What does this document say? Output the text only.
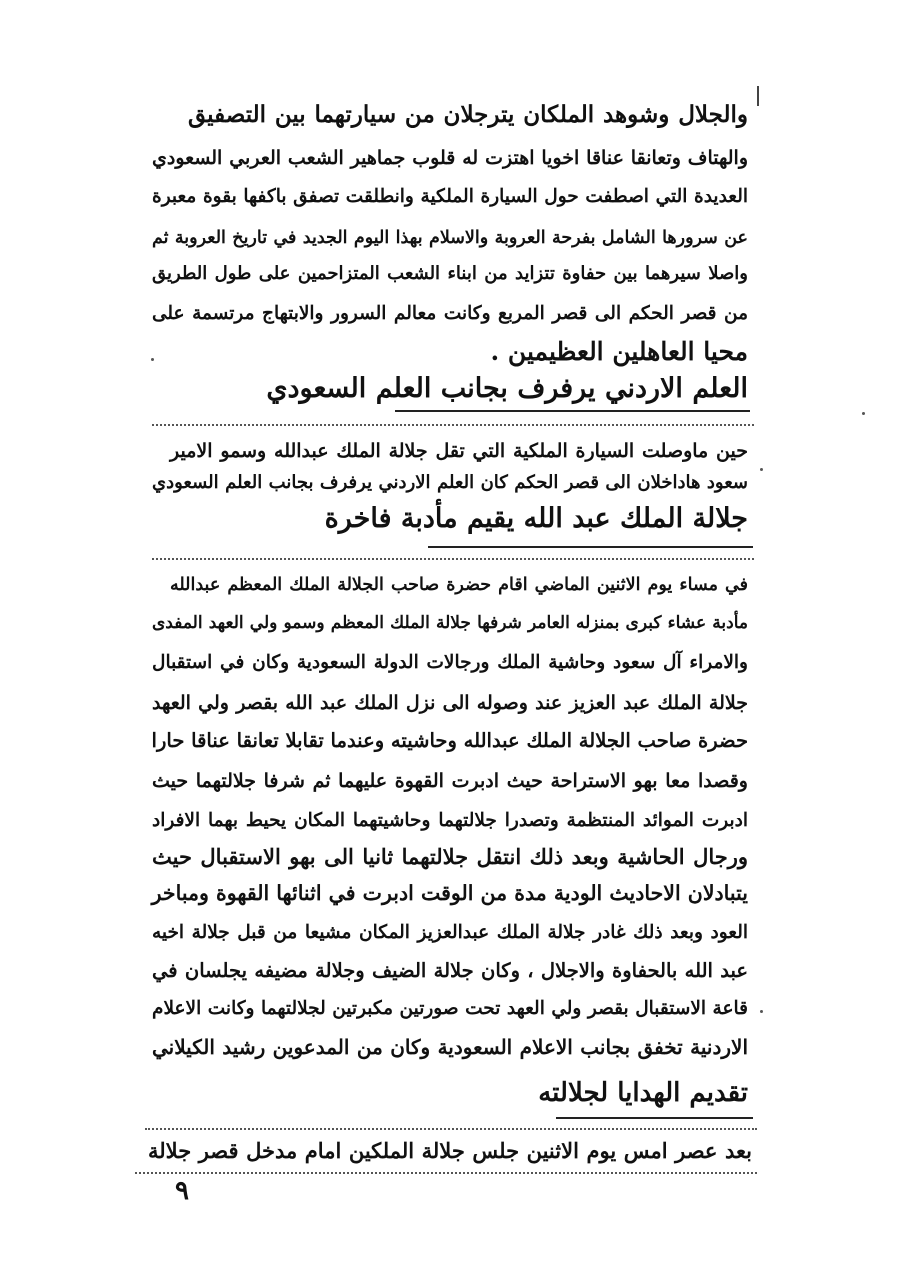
والجلال وشوهد الملكان يترجلان من سيارتهما بين التصفيق
والهتاف وتعانقا عناقا اخويا اهتزت له قلوب جماهير الشعب العربي السعودي
العديدة التي اصطفت حول السيارة الملكية وانطلقت تصفق باكفها بقوة معبرة
عن سرورها الشامل بفرحة العروبة والاسلام بهذا اليوم الجديد في تاريخ العروبة ثم
واصلا سيرهما بين حفاوة تتزايد من ابناء الشعب المتزاحمين على طول الطريق
من قصر الحكم الى قصر المربع وكانت معالم السرور والابتهاج مرتسمة على
محيا العاهلين العظيمين .
العلم الاردني يرفرف بجانب العلم السعودي
حين ماوصلت السيارة الملكية التي تقل جلالة الملك عبدالله وسمو الامير
سعود هاداخلان الى قصر الحكم كان العلم الاردني يرفرف بجانب العلم السعودي
جلالة الملك عبد الله يقيم مأدبة فاخرة
في مساء يوم الاثنين الماضي اقام حضرة صاحب الجلالة الملك المعظم عبدالله
مأدبة عشاء كبرى بمنزله العامر شرفها جلالة الملك المعظم وسمو ولي العهد المفدى
والامراء آل سعود وحاشية الملك ورجالات الدولة السعودية وكان في استقبال
جلالة الملك عبد العزيز عند وصوله الى نزل الملك عبد الله بقصر ولي العهد
حضرة صاحب الجلالة الملك عبدالله وحاشيته وعندما تقابلا تعانقا عناقا حارا
وقصدا معا بهو الاستراحة حيث ادبرت القهوة عليهما ثم شرفا جلالتهما حيث
ادبرت الموائد المنتظمة وتصدرا جلالتهما وحاشيتهما المكان يحيط بهما الافراد
ورجال الحاشية وبعد ذلك انتقل جلالتهما ثانيا الى بهو الاستقبال حيث
يتبادلان الاحاديث الودية مدة من الوقت ادبرت في اثنائها القهوة ومباخر
العود وبعد ذلك غادر جلالة الملك عبدالعزيز المكان مشيعا من قبل جلالة اخيه
عبد الله بالحفاوة والاجلال ، وكان جلالة الضيف وجلالة مضيفه يجلسان في
قاعة الاستقبال بقصر ولي العهد تحت صورتين مكبرتين لجلالتهما وكانت الاعلام
الاردنية تخفق بجانب الاعلام السعودية وكان من المدعوين رشيد الكيلاني
تقديم الهدايا لجلالته
بعد عصر امس يوم الاثنين جلس جلالة الملكين امام مدخل قصر جلالة
٩
